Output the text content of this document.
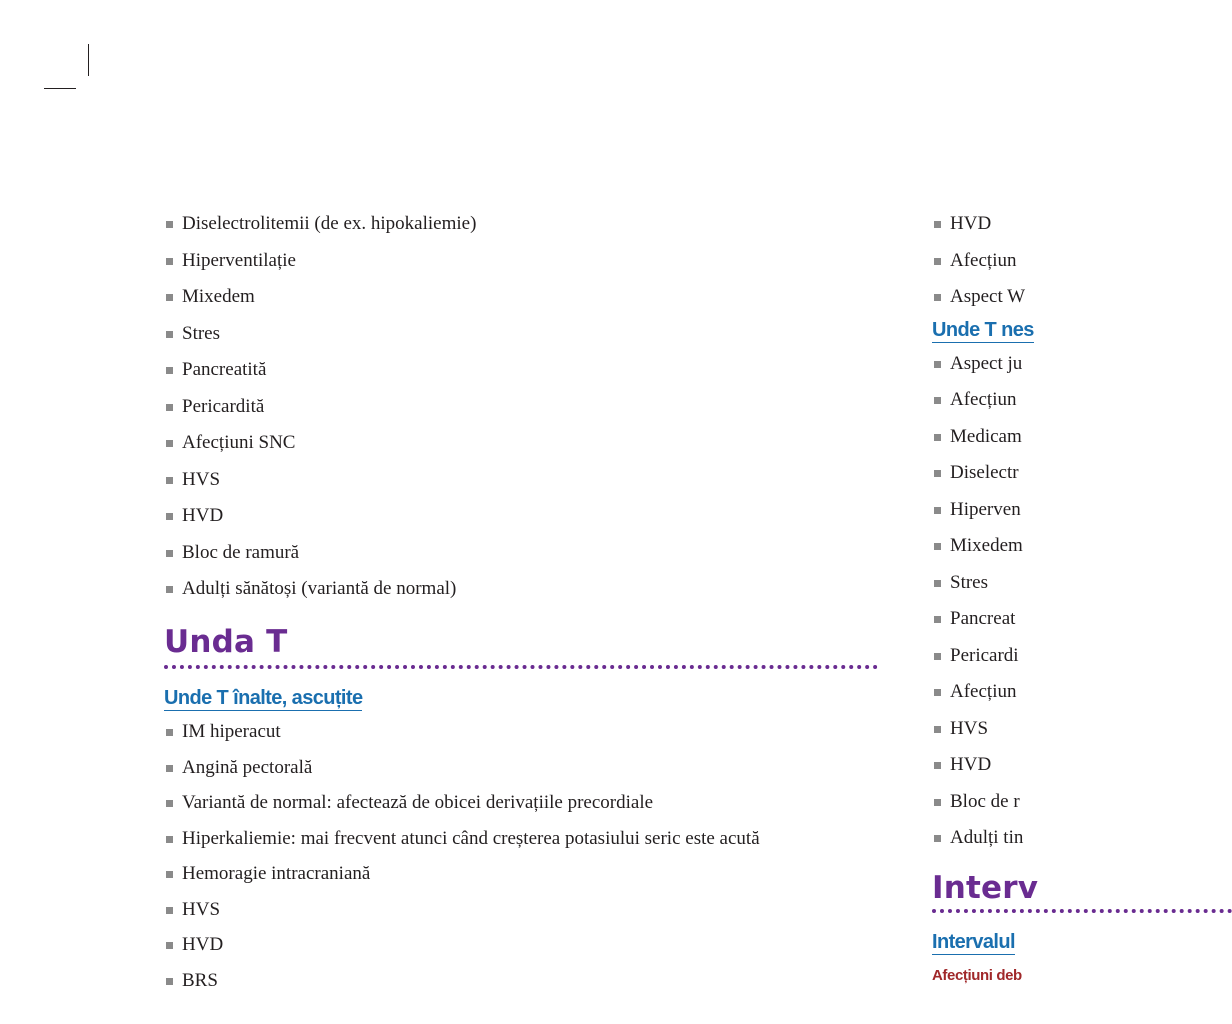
Diselectrolitemii (de ex. hipokaliemie)
Hiperventilație
Mixedem
Stres
Pancreatită
Pericardită
Afecțiuni SNC
HVS
HVD
Bloc de ramură
Adulți sănătoși (variantă de normal)
Unda T
Unde T înalte, ascuțite
IM hiperacut
Angină pectorală
Variantă de normal: afectează de obicei derivațiile precordiale
Hiperkaliemie: mai frecvent atunci când creșterea potasiului seric este acută
Hemoragie intracraniană
HVS
HVD
BRS
HVD
Afecțiun
Aspect W
Unde T nes
Aspect ju
Afecțiun
Medicam
Diselectr
Hiperven
Mixedem
Stres
Pancreat
Pericardi
Afecțiun
HVS
HVD
Bloc de r
Adulți tin
Interv
Intervalul
Afecțiuni deb
